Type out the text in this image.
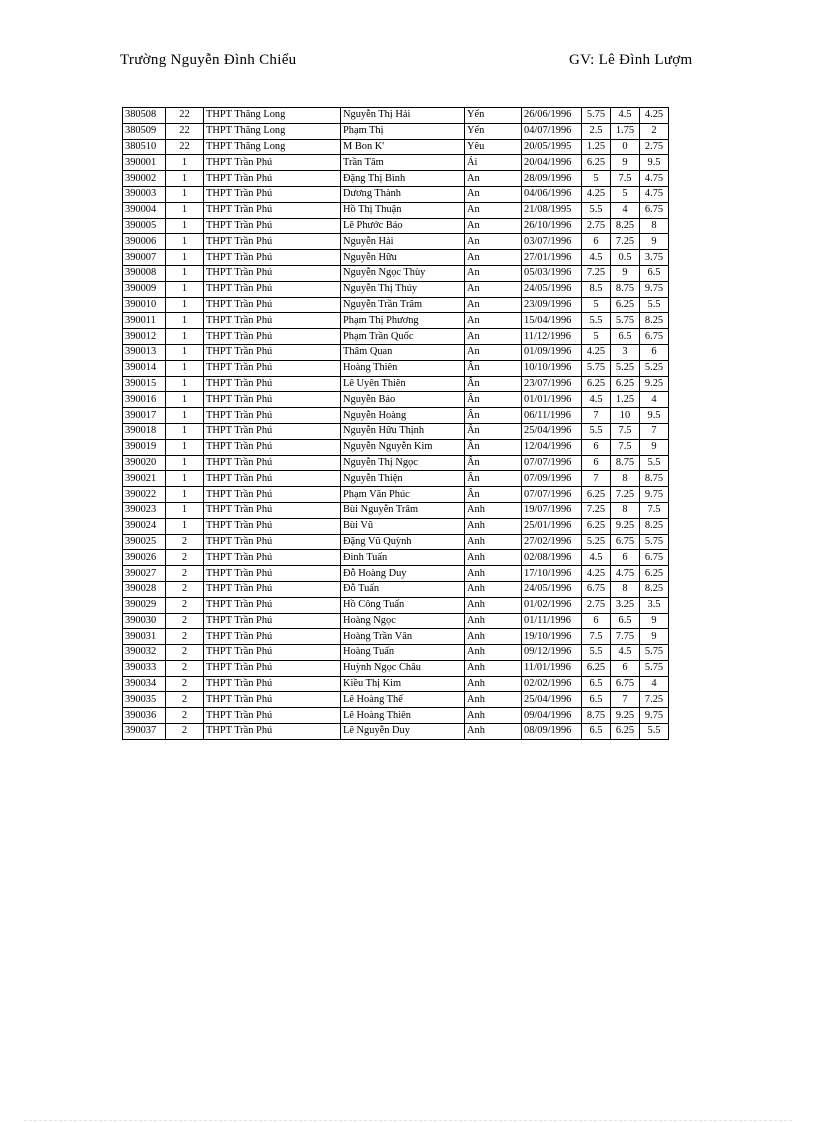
Trường Nguyễn Đình Chiểu	GV: Lê Đình Lượm
380508	22	THPT Thăng Long	Nguyễn Thị Hải	Yến	26/06/1996	5.75	4.5	4.25
380509	22	THPT Thăng Long	Phạm Thị	Yến	04/07/1996	2.5	1.75	2
380510	22	THPT Thăng Long	M Bon K'	Yêu	20/05/1995	1.25	0	2.75
390001	1	THPT Trần Phú	Trần Tâm	Ái	20/04/1996	6.25	9	9.5
390002	1	THPT Trần Phú	Đặng Thị Bình	An	28/09/1996	5	7.5	4.75
390003	1	THPT Trần Phú	Dương Thành	An	04/06/1996	4.25	5	4.75
390004	1	THPT Trần Phú	Hồ Thị Thuận	An	21/08/1995	5.5	4	6.75
390005	1	THPT Trần Phú	Lê Phước Bảo	An	26/10/1996	2.75	8.25	8
390006	1	THPT Trần Phú	Nguyễn Hải	An	03/07/1996	6	7.25	9
390007	1	THPT Trần Phú	Nguyễn Hữu	An	27/01/1996	4.5	0.5	3.75
390008	1	THPT Trần Phú	Nguyễn Ngọc Thùy	An	05/03/1996	7.25	9	6.5
390009	1	THPT Trần Phú	Nguyễn Thị Thúy	An	24/05/1996	8.5	8.75	9.75
390010	1	THPT Trần Phú	Nguyễn Trần Trâm	An	23/09/1996	5	6.25	5.5
390011	1	THPT Trần Phú	Phạm Thị Phương	An	15/04/1996	5.5	5.75	8.25
390012	1	THPT Trần Phú	Phạm Trần Quốc	An	11/12/1996	5	6.5	6.75
390013	1	THPT Trần Phú	Thâm Quan	An	01/09/1996	4.25	3	6
390014	1	THPT Trần Phú	Hoàng Thiên	Ân	10/10/1996	5.75	5.25	5.25
390015	1	THPT Trần Phú	Lê Uyên Thiên	Ân	23/07/1996	6.25	6.25	9.25
390016	1	THPT Trần Phú	Nguyễn Bảo	Ân	01/01/1996	4.5	1.25	4
390017	1	THPT Trần Phú	Nguyễn Hoàng	Ân	06/11/1996	7	10	9.5
390018	1	THPT Trần Phú	Nguyễn Hữu Thịnh	Ân	25/04/1996	5.5	7.5	7
390019	1	THPT Trần Phú	Nguyễn Nguyễn Kim	Ân	12/04/1996	6	7.5	9
390020	1	THPT Trần Phú	Nguyễn Thị Ngọc	Ân	07/07/1996	6	8.75	5.5
390021	1	THPT Trần Phú	Nguyễn Thiện	Ân	07/09/1996	7	8	8.75
390022	1	THPT Trần Phú	Phạm Văn Phúc	Ân	07/07/1996	6.25	7.25	9.75
390023	1	THPT Trần Phú	Bùi Nguyễn Trâm	Anh	19/07/1996	7.25	8	7.5
390024	1	THPT Trần Phú	Bùi Vũ	Anh	25/01/1996	6.25	9.25	8.25
390025	2	THPT Trần Phú	Đặng Vũ Quỳnh	Anh	27/02/1996	5.25	6.75	5.75
390026	2	THPT Trần Phú	Đinh Tuấn	Anh	02/08/1996	4.5	6	6.75
390027	2	THPT Trần Phú	Đỗ Hoàng Duy	Anh	17/10/1996	4.25	4.75	6.25
390028	2	THPT Trần Phú	Đỗ Tuấn	Anh	24/05/1996	6.75	8	8.25
390029	2	THPT Trần Phú	Hồ Công Tuấn	Anh	01/02/1996	2.75	3.25	3.5
390030	2	THPT Trần Phú	Hoàng Ngọc	Anh	01/11/1996	6	6.5	9
390031	2	THPT Trần Phú	Hoàng Trần Vân	Anh	19/10/1996	7.5	7.75	9
390032	2	THPT Trần Phú	Hoàng Tuấn	Anh	09/12/1996	5.5	4.5	5.75
390033	2	THPT Trần Phú	Huỳnh Ngọc Châu	Anh	11/01/1996	6.25	6	5.75
390034	2	THPT Trần Phú	Kiều Thị Kim	Anh	02/02/1996	6.5	6.75	4
390035	2	THPT Trần Phú	Lê Hoàng Thế	Anh	25/04/1996	6.5	7	7.25
390036	2	THPT Trần Phú	Lê Hoàng Thiên	Anh	09/04/1996	8.75	9.25	9.75
390037	2	THPT Trần Phú	Lê Nguyễn Duy	Anh	08/09/1996	6.5	6.25	5.5
